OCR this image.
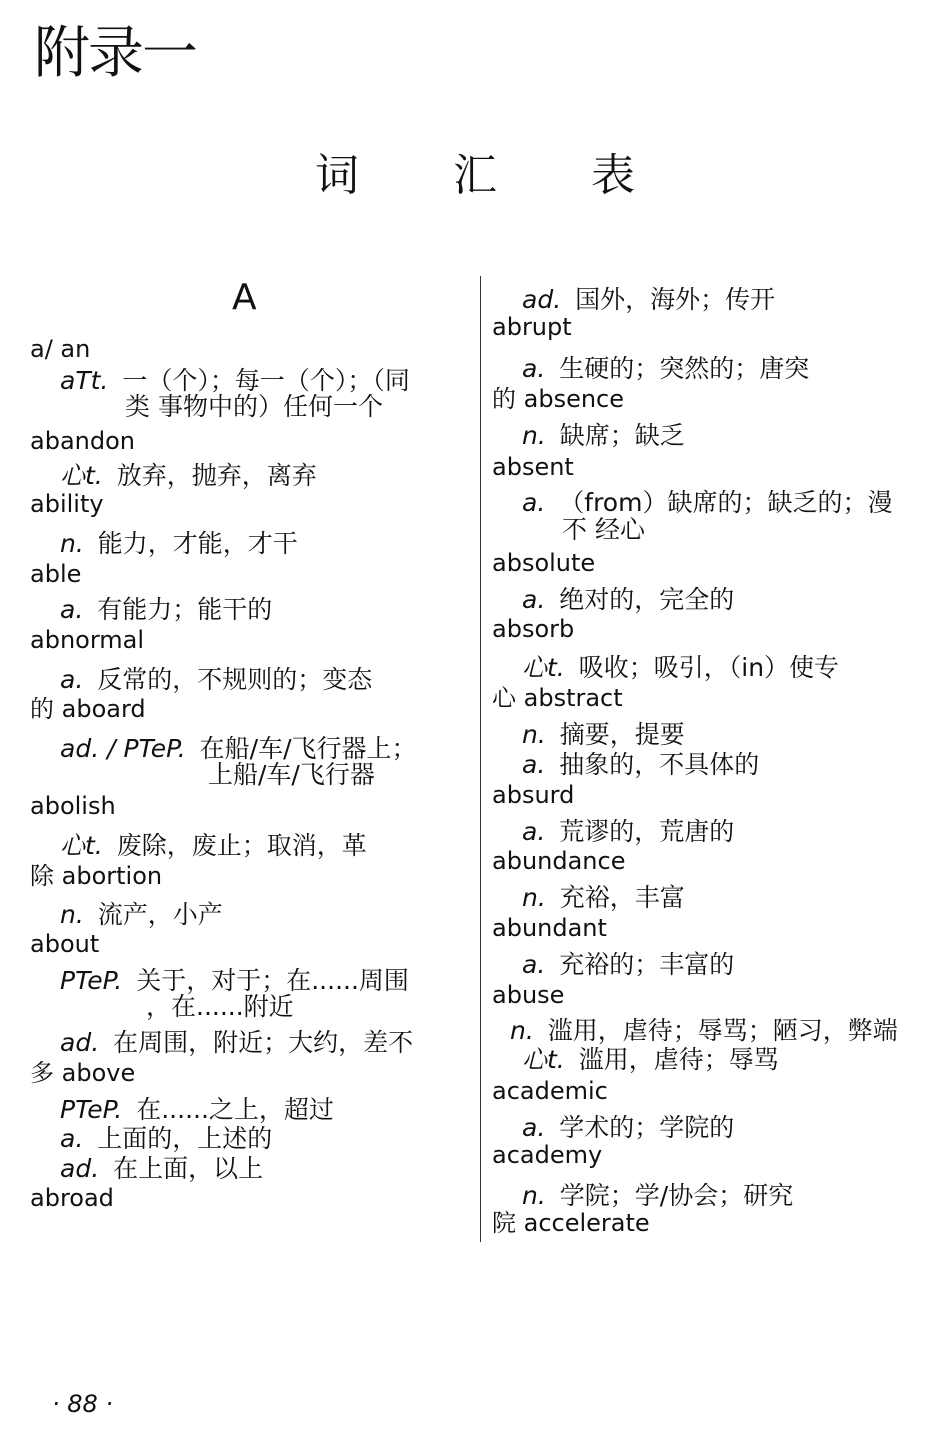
附录一
词 汇 表
A
a/ an
aTt. 一（个）；每一（个）；（同
类 事物中的）任何一个
abandon
心t. 放弃，抛弃，离弃
ability
n. 能力，才能，才干
able
a. 有能力；能干的
abnormal
a. 反常的，不规则的；变态
的 aboard
ad. / PTeP. 在船/车/飞行器上；
上船/车/飞行器
abolish
心t. 废除，废止；取消，革
除 abortion
n. 流产，小产
about
PTeP. 关于，对于；在......周围
，在......附近
ad. 在周围，附近；大约，差不
多 above
PTeP. 在......之上，超过
a. 上面的，上述的
ad. 在上面，以上
abroad
ad. 国外，海外；传开
abrupt
a. 生硬的；突然的；唐突
的 absence
n. 缺席；缺乏
absent
a. （from）缺席的；缺乏的；漫
不 经心
absolute
a. 绝对的，完全的
absorb
心t. 吸收；吸引，（in）使专
心 abstract
n. 摘要，提要
a. 抽象的，不具体的
absurd
a. 荒谬的，荒唐的
abundance
n. 充裕，丰富
abundant
a. 充裕的；丰富的
abuse
n. 滥用，虐待；辱骂；陋习，弊端
心t. 滥用，虐待；辱骂
academic
a. 学术的；学院的
academy
n. 学院；学/协会；研究
院 accelerate
· 88 ·
